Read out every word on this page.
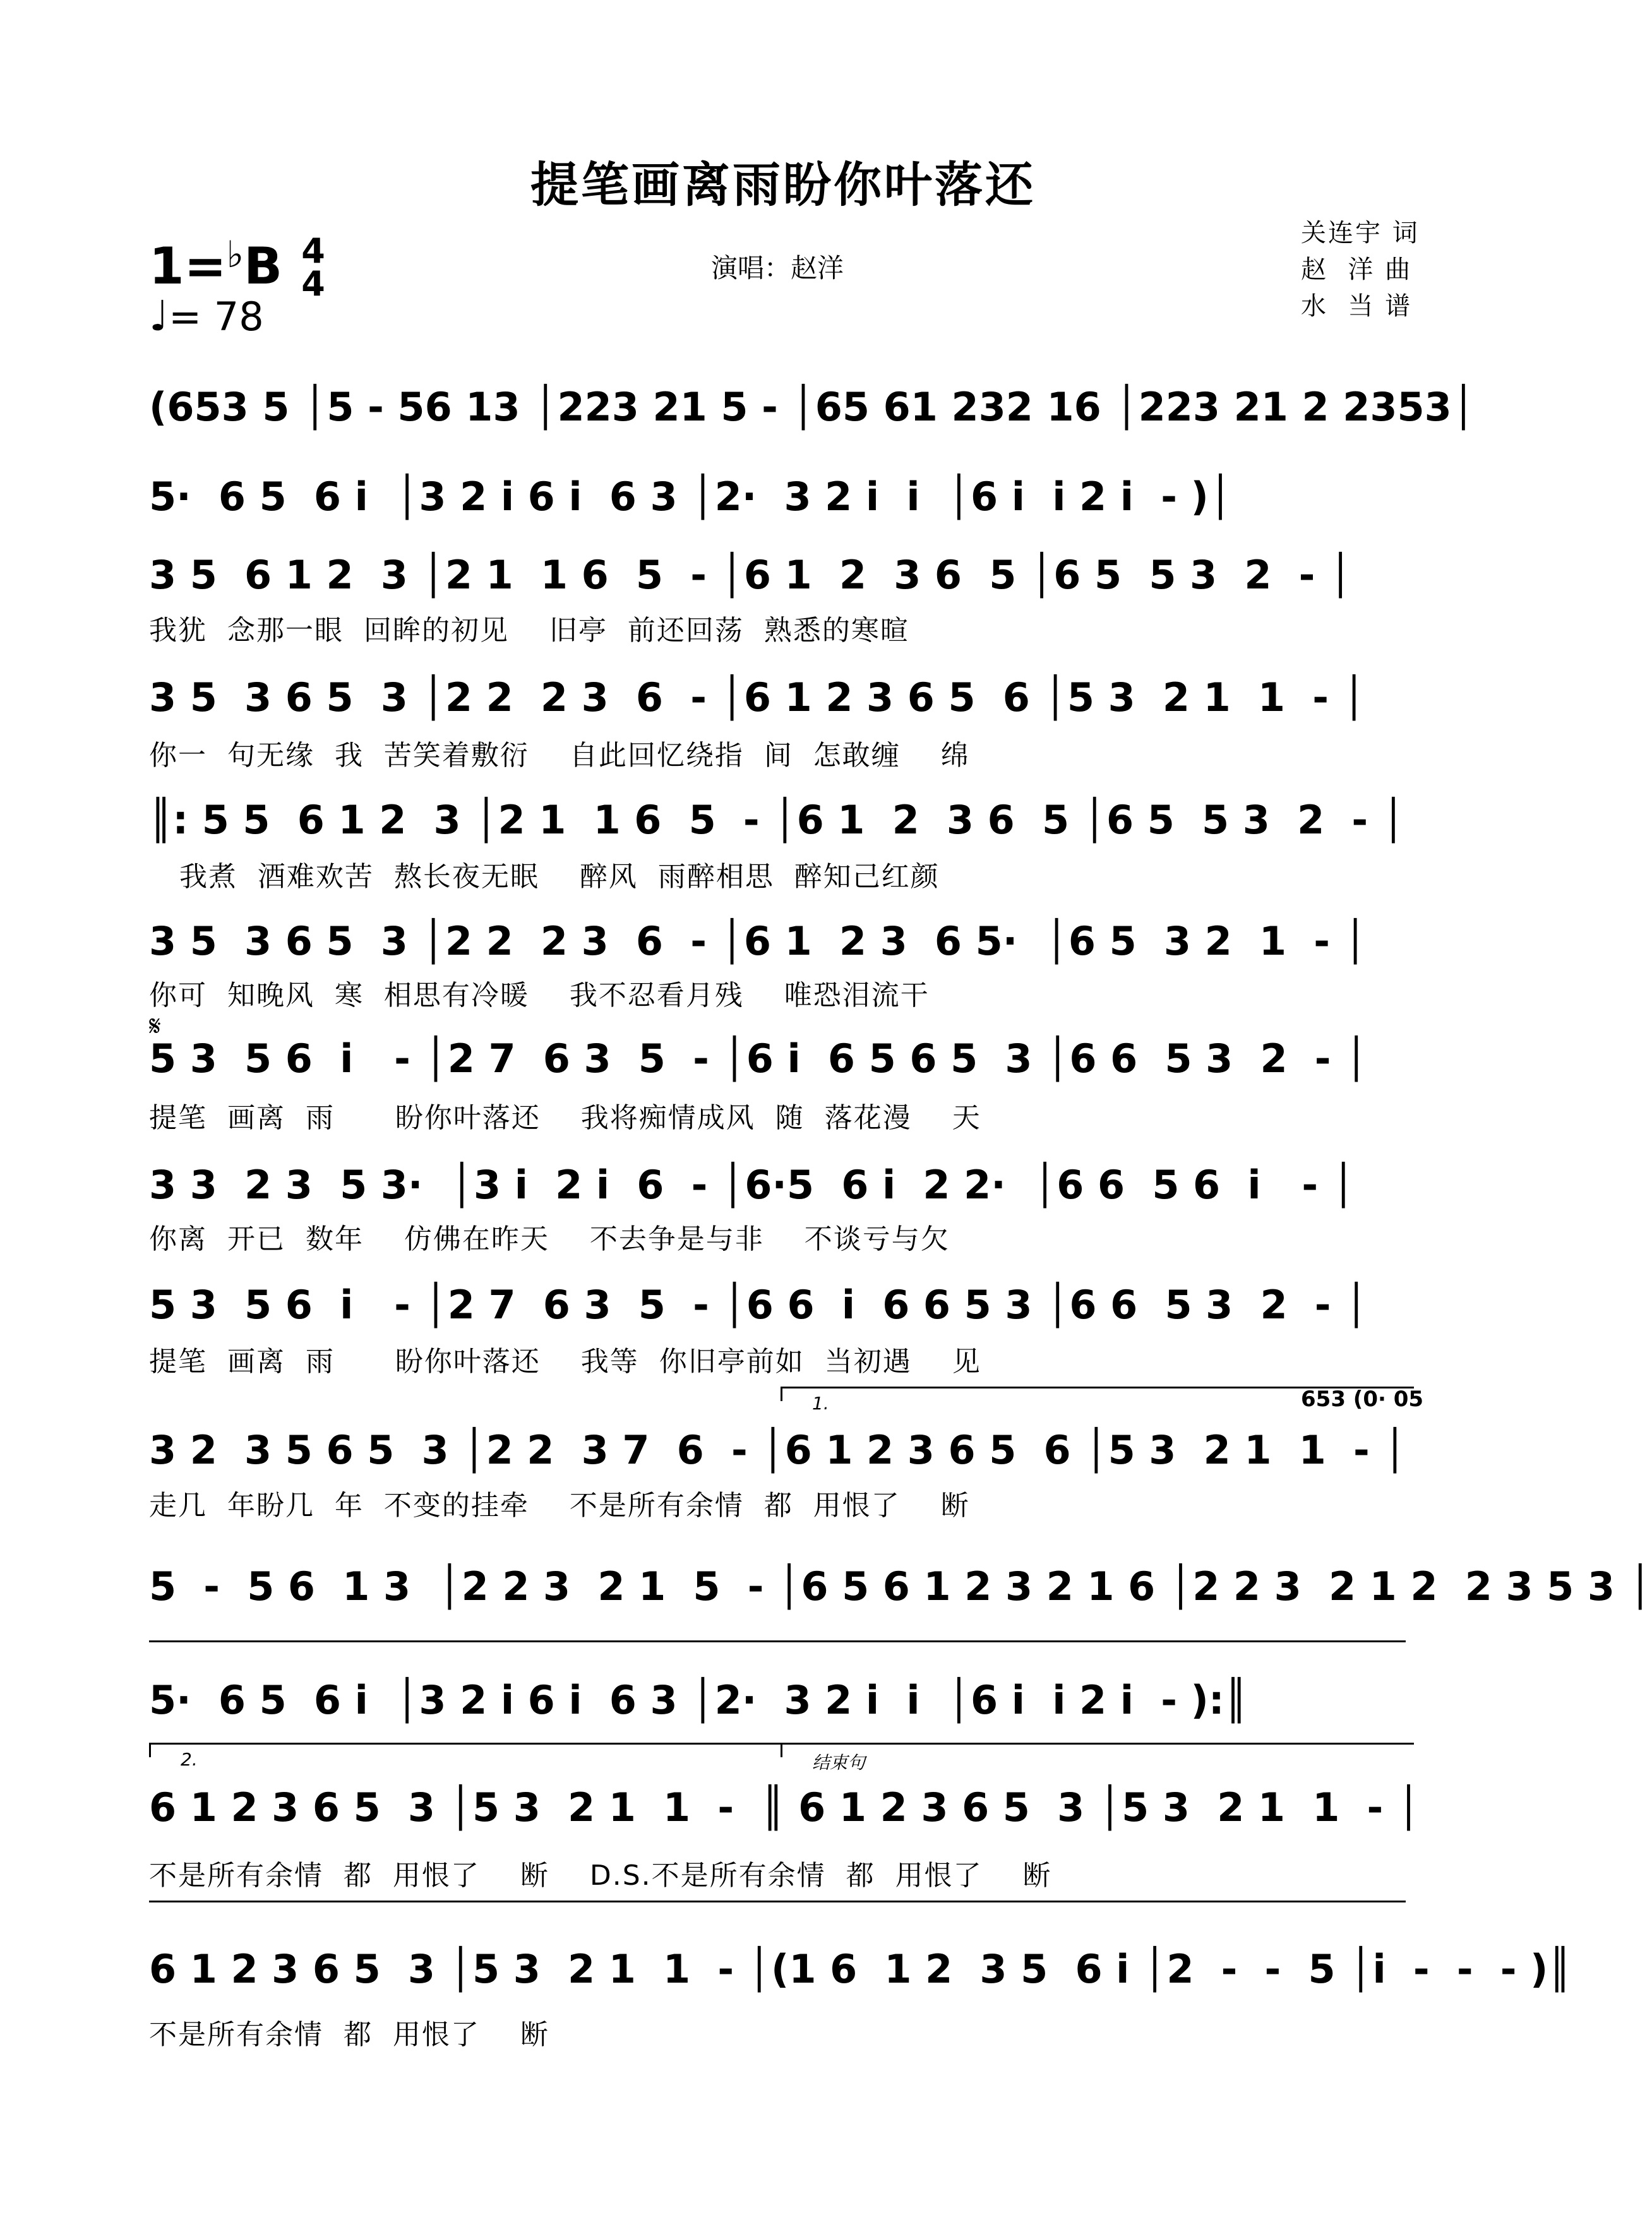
提笔画离雨盼你叶落还
1=♭B 4
4
♩= 78
演唱：赵洋
关连宇 词
赵  洋 曲
水  当 谱
(653 5 │5 - 56 13 │223 21 5 - │65 61 232 16 │223 21 2 2353│
5·  6 5  6 i  │3 2 i 6 i  6 3 │2·  3 2 i  i  │6 i  i 2 i  - )│
3 5  6 1 2  3 │2 1  1 6  5  - │6 1  2  3 6  5 │6 5  5 3  2  - │
我犹  念那一眼  回眸的初见    旧亭  前还回荡  熟悉的寒暄
3 5  3 6 5  3 │2 2  2 3  6  - │6 1 2 3 6 5  6 │5 3  2 1  1  - │
你一  句无缘  我  苦笑着敷衍    自此回忆绕指  间  怎敢缠    绵
║: 5 5  6 1 2  3 │2 1  1 6  5  - │6 1  2  3 6  5 │6 5  5 3  2  - │
我煮  酒难欢苦  熬长夜无眠    醉风  雨醉相思  醉知己红颜
3 5  3 6 5  3 │2 2  2 3  6  - │6 1  2 3  6 5·  │6 5  3 2  1  - │
你可  知晚风  寒  相思有冷暖    我不忍看月残    唯恐泪流干
𝄋
5 3  5 6  i   - │2 7  6 3  5  - │6 i  6 5 6 5  3 │6 6  5 3  2  - │
提笔  画离  雨      盼你叶落还    我将痴情成风  随  落花漫    天
3 3  2 3  5 3·  │3 i  2 i  6  - │6·5  6 i  2 2·  │6 6  5 6  i   - │
你离  开已  数年    仿佛在昨天    不去争是与非    不谈亏与欠
5 3  5 6  i   - │2 7  6 3  5  - │6 6  i  6 6 5 3 │6 6  5 3  2  - │
提笔  画离  雨      盼你叶落还    我等  你旧亭前如  当初遇    见
1.	653 (0· 05
3 2  3 5 6 5  3 │2 2  3 7  6  - │6 1 2 3 6 5  6 │5 3  2 1  1  - │
走几  年盼几  年  不变的挂牵    不是所有余情  都  用恨了    断
5  -  5 6  1 3  │2 2 3  2 1  5  - │6 5 6 1 2 3 2 1 6 │2 2 3  2 1 2  2 3 5 3 │
5·  6 5  6 i  │3 2 i 6 i  6 3 │2·  3 2 i  i  │6 i  i 2 i  - ):║
2.	结束句
6 1 2 3 6 5  3 │5 3  2 1  1  -  ║ 6 1 2 3 6 5  3 │5 3  2 1  1  - │
不是所有余情  都  用恨了    断    D.S.不是所有余情  都  用恨了    断
6 1 2 3 6 5  3 │5 3  2 1  1  - │(1 6  1 2  3 5  6 i │2  -  -  5 │i  -  -  - )║
不是所有余情  都  用恨了    断
